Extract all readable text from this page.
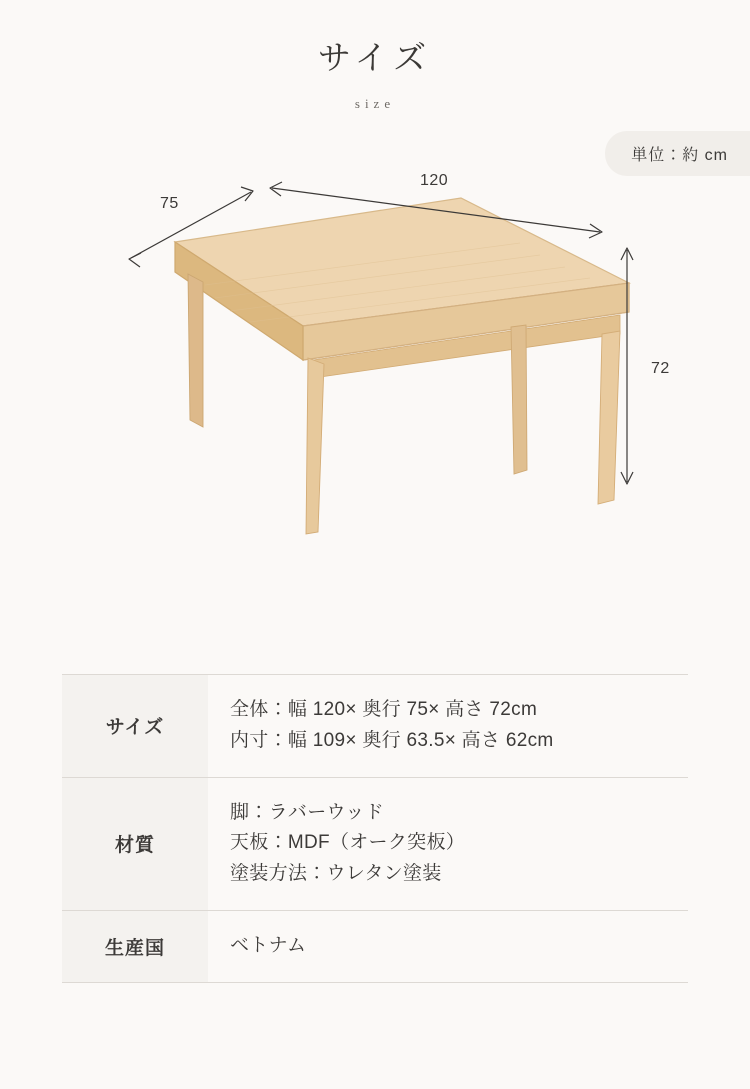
サイズ
size
単位：約 cm
120
75
72
サイズ
全体：幅 120× 奥行 75× 高さ 72cm
内寸：幅 109× 奥行 63.5× 高さ 62cm
材質
脚：ラバーウッド
天板：MDF（オーク突板）
塗装方法：ウレタン塗装
生産国	ベトナム
